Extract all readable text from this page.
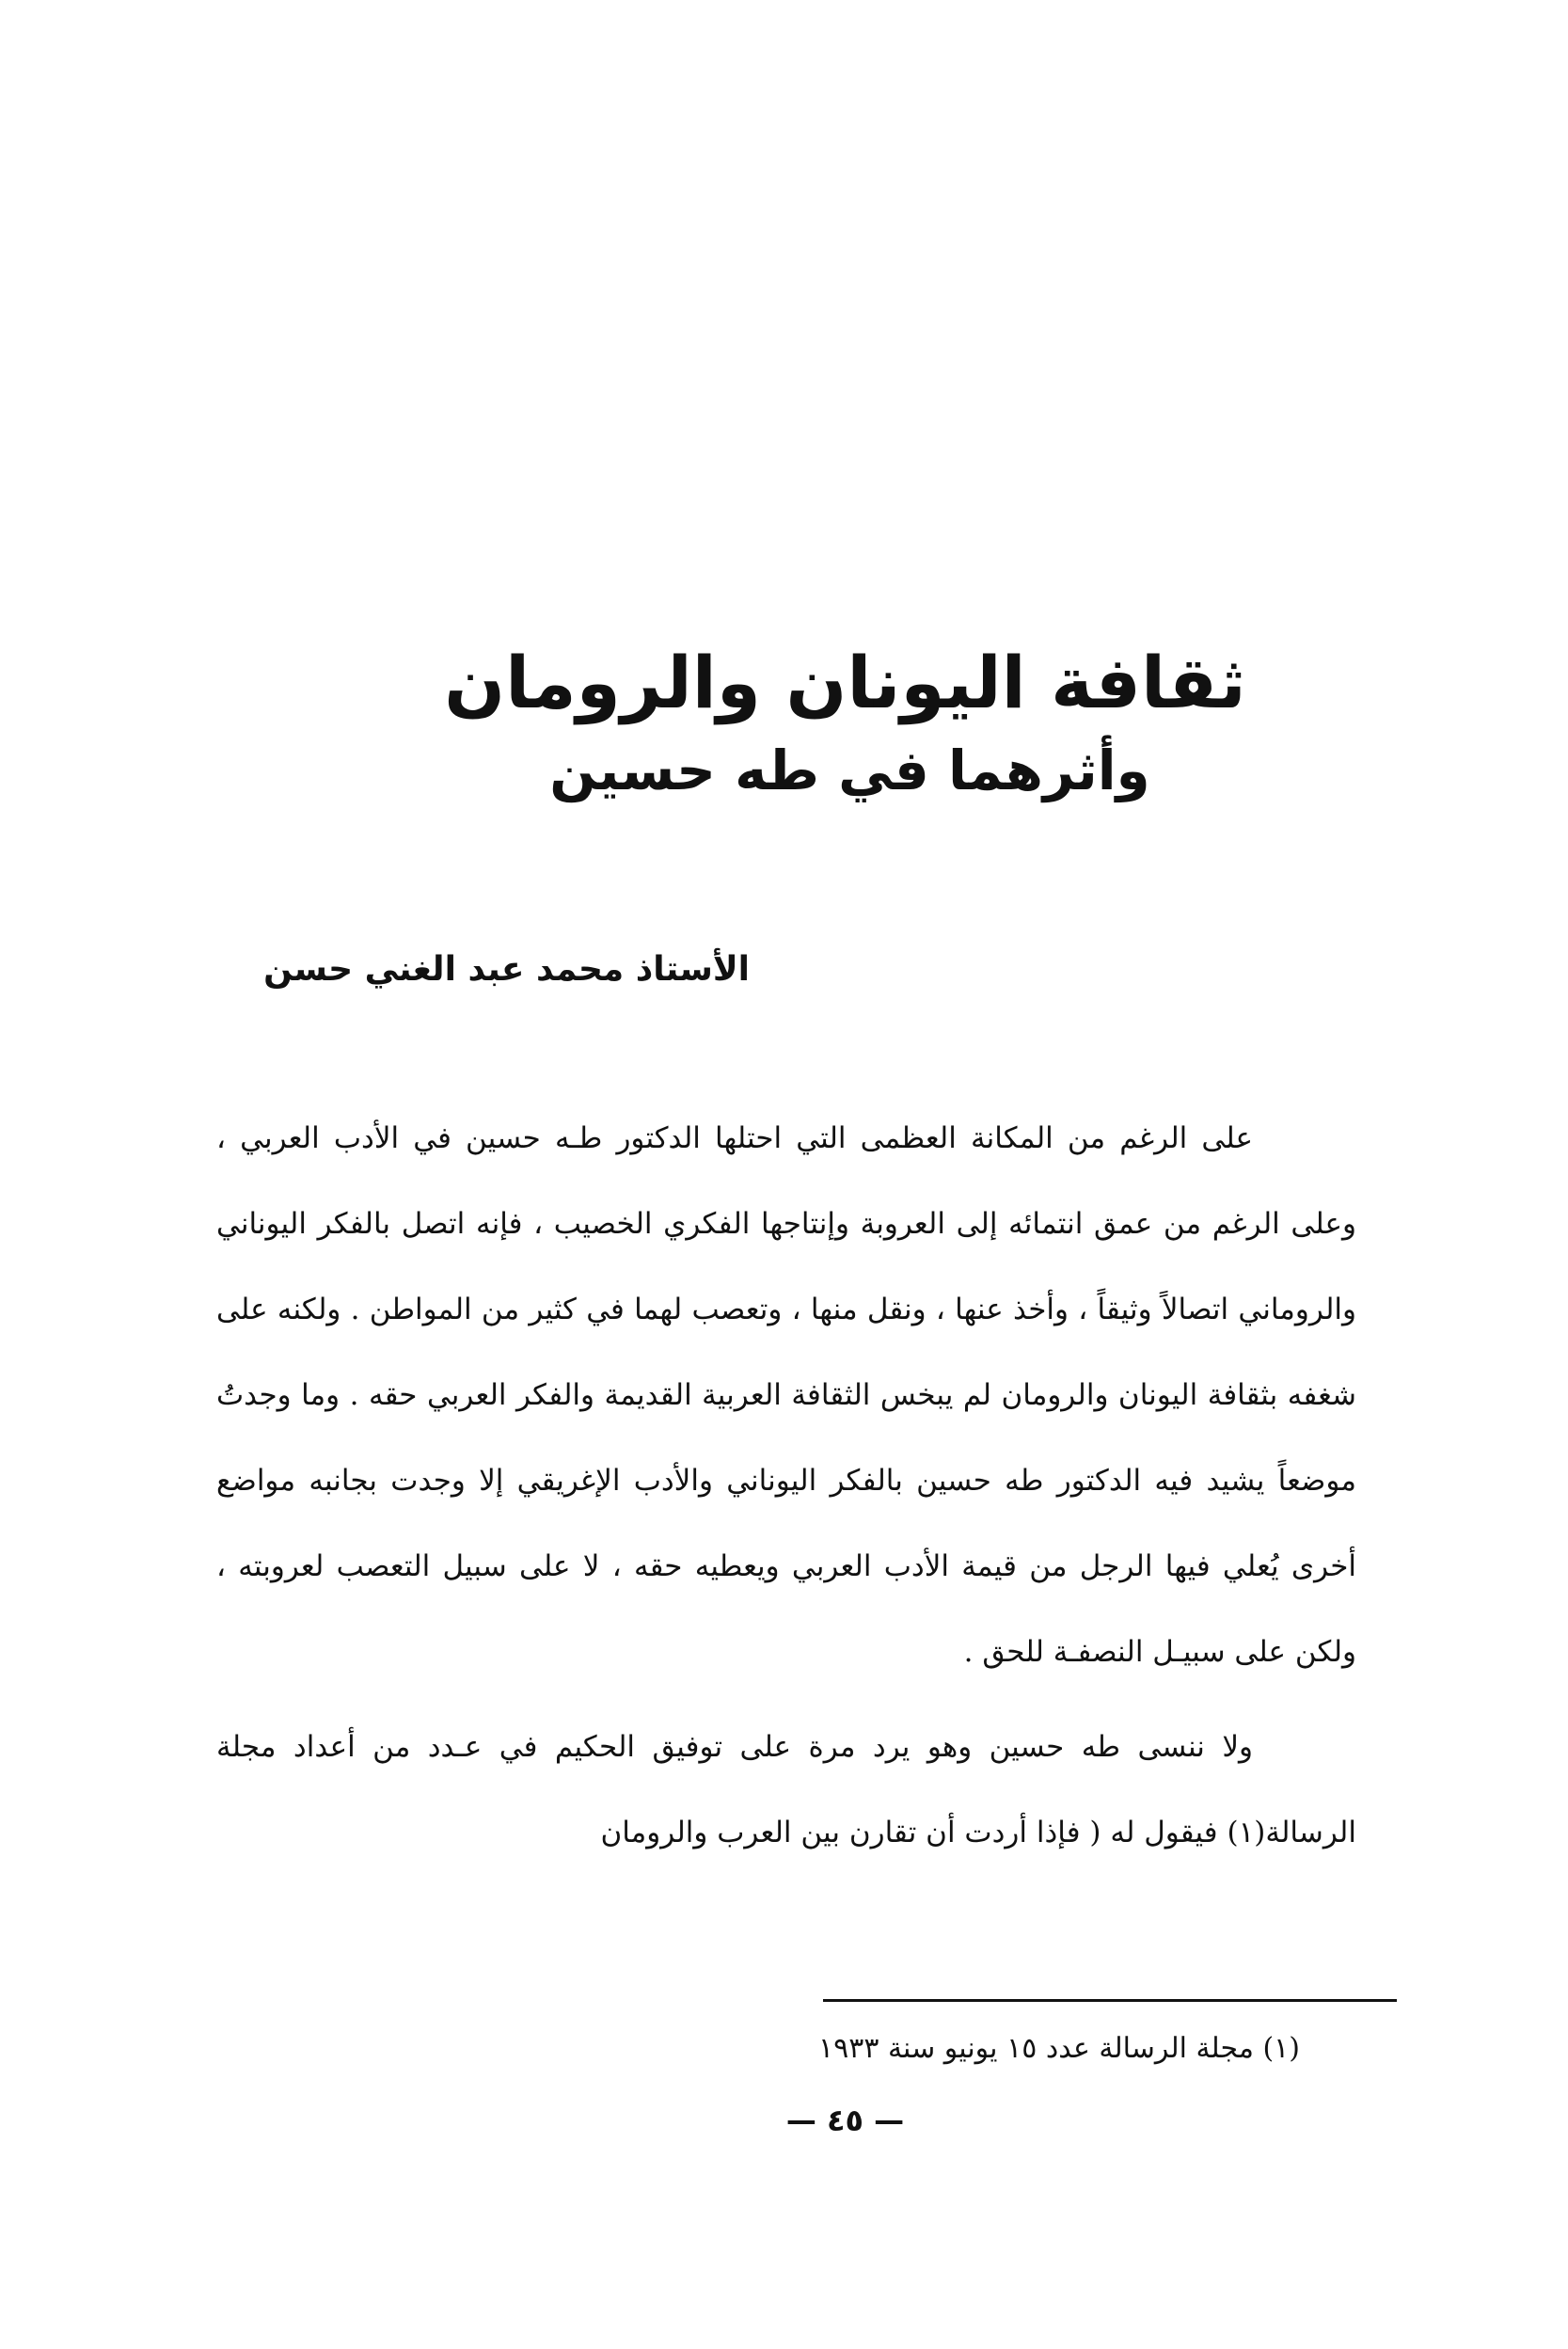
ثقافة اليونان والرومان
وأثرهما في طه حسين
الأستاذ محمد عبد الغني حسن

على الرغم من المكانة العظمى التي احتلها الدكتور طـه حسين في الأدب العربي ، وعلى الرغم من عمق انتمائه إلى العروبة وإنتاجها الفكري الخصيب ، فإنه اتصل بالفكر اليوناني والروماني اتصالاً وثيقاً ، وأخذ عنها ، ونقل منها ، وتعصب لهما في كثير من المواطن . ولكنه على شغفه بثقافة اليونان والرومان لم يبخس الثقافة العربية القديمة والفكر العربي حقه . وما وجدتُ موضعاً يشيد فيه الدكتور طه حسين بالفكر اليوناني والأدب الإغريقي إلا وجدت بجانبه مواضع أخرى يُعلي فيها الرجل من قيمة الأدب العربي ويعطيه حقه ، لا على سبيل التعصب لعروبته ، ولكن على سبيـل النصفـة للحق .

ولا ننسى طه حسين وهو يرد مرة على توفيق الحكيم في عـدد من أعداد مجلة الرسالة(١) فيقول له ( فإذا أردت أن تقارن بين العرب والرومان

(١) مجلة الرسالة عدد ١٥ يونيو سنة ١٩٣٣
— ٤٥ —
